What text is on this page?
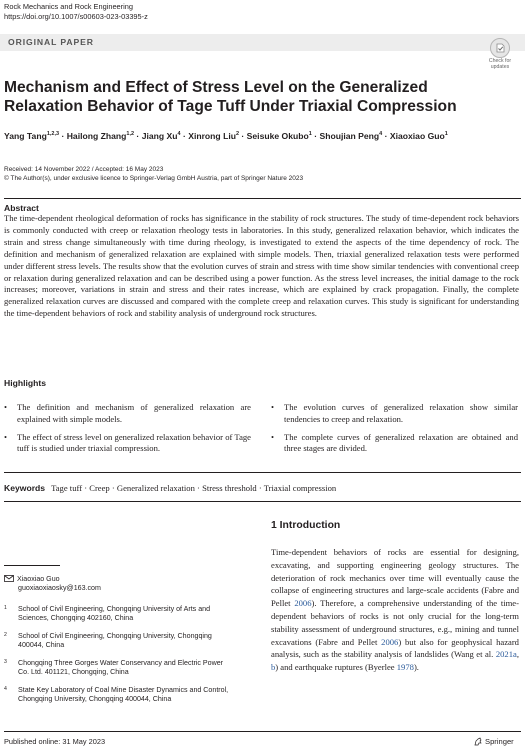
Rock Mechanics and Rock Engineering
https://doi.org/10.1007/s00603-023-03395-z
ORIGINAL PAPER
Check for
updates
Mechanism and Effect of Stress Level on the Generalized Relaxation Behavior of Tage Tuff Under Triaxial Compression
Yang Tang$^{1,2,3}$ · Hailong Zhang$^{1,2}$ · Jiang $Xu^4$ · Xinrong Liu$^2$ · Seisuke Okubo$^1$ · Shoujian Peng$^4$ · Xiaoxiao Guo$^1$
Received: 14 November 2022 / Accepted: 16 May 2023
© The Author(s), under exclusive licence to Springer-Verlag GmbH Austria, part of Springer Nature 2023
Abstract
The time-dependent rheological deformation of rocks has significance in the stability of rock structures. The study of time-dependent rock behaviors is commonly conducted with creep or relaxation rheology tests in laboratories. In this study, generalized relaxation behavior, which indicates the strain and stress change simultaneously with time during rheology, is investigated to extend the aspects of the time dependency of rock. The definition and mechanism of generalized relaxation are explained with simple models. Then, triaxial generalized relaxation tests were performed under different stress levels. The results show that the evolution curves of strain and stress with time show similar tendencies with conventional creep or relaxation during generalized relaxation and can be described using a power function. As the stress level increases, the initial damage to the rock increases; moreover, variations in strain and stress and their rates increase, which are explained by crack propagation. Finally, the complete generalized relaxation curves are discussed and compared with the complete creep and relaxation curves. This study is significant for understanding the time-dependent behaviors of rock and stability analysis of underground rock structures.
Highlights
• The definition and mechanism of generalized relaxation are explained with simple models.
• The effect of stress level on generalized relaxation behavior of Tage tuff is studied under triaxial compression.
• The evolution curves of generalized relaxation show similar tendencies to creep and relaxation.
• The complete curves of generalized relaxation are obtained and three stages are divided.
Keywords Tage tuff · Creep · Generalized relaxation · Stress threshold · Triaxial compression
1 Introduction
Time-dependent behaviors of rocks are essential for designing, excavating, and supporting engineering geology structures. The deterioration of rock mechanics over time will eventually cause the collapse of engineering structures and large-scale accidents (Fabre and Pellet 2006). Therefore, a comprehensive understanding of the time-dependent behaviors of rocks is not only crucial for the long-term stability assessment of underground structures, e.g., mining and tunnel excavations (Fabre and Pellet 2006) but also for geophysical hazard analysis, such as the stability analysis of landslides (Wang et al. 2021a, b) and earthquake ruptures (Byerlee 1978).
Xiaoxiao Guo
guoxiaoxiaosky@163.com
1 School of Civil Engineering, Chongqing University of Arts and Sciences, Chongqing 402160, China
2 School of Civil Engineering, Chongqing University, Chongqing 400044, China
3 Chongqing Three Gorges Water Conservancy and Electric Power Co. Ltd. 401121, Chongqing, China
4 State Key Laboratory of Coal Mine Disaster Dynamics and Control, Chongqing University, Chongqing 400044, China
Published online: 31 May 2023	Springer
